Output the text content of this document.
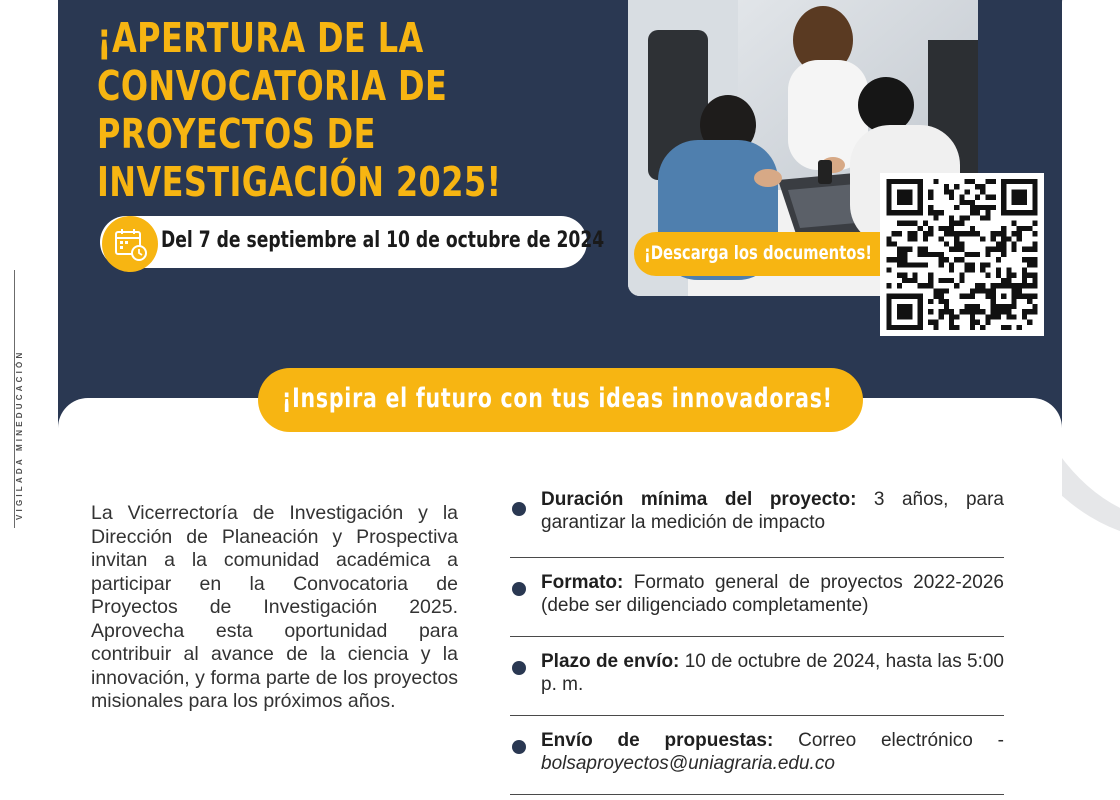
VIGILADA MINEDUCACIÓN
¡APERTURA DE LA CONVOCATORIA DE PROYECTOS DE INVESTIGACIÓN 2025!
Del 7 de septiembre al 10 de octubre de 2024 ¡Descarga los documentos!
¡Inspira el futuro con tus ideas innovadoras!

La Vicerrectoría de Investigación y la Dirección de Planeación y Prospectiva invitan a la comunidad académica a participar en la Convocatoria de Proyectos de Investigación 2025. Aprovecha esta oportunidad para contribuir al avance de la ciencia y la innovación, y forma parte de los proyectos misionales para los próximos años.

Duración mínima del proyecto: 3 años, para garantizar la medición de impacto
Formato: Formato general de proyectos 2022-2026 (debe ser diligenciado completamente)
Plazo de envío: 10 de octubre de 2024, hasta las 5:00 p. m.
Envío de propuestas: Correo electrónico - bolsaproyectos@uniagraria.edu.co
